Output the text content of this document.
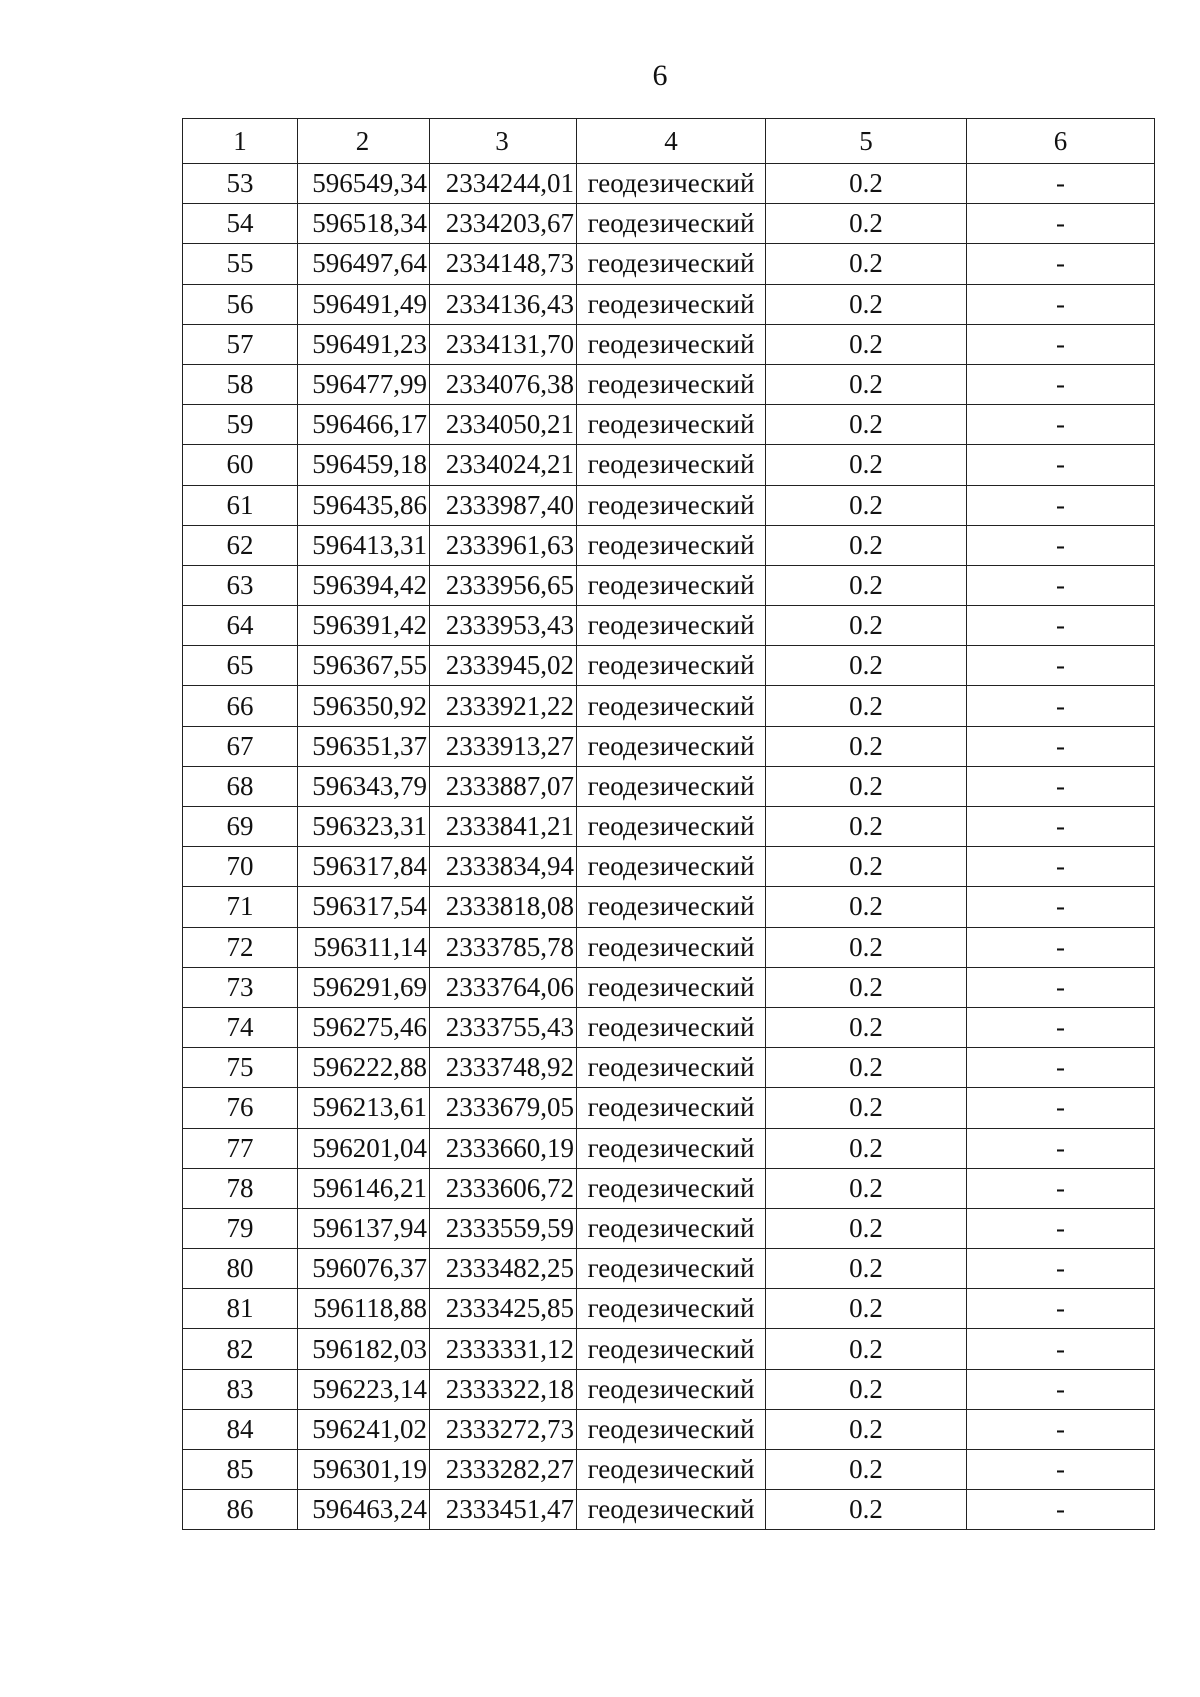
6
1	2	3	4	5	6
53	596549,34	2334244,01	геодезический	0.2	-
54	596518,34	2334203,67	геодезический	0.2	-
55	596497,64	2334148,73	геодезический	0.2	-
56	596491,49	2334136,43	геодезический	0.2	-
57	596491,23	2334131,70	геодезический	0.2	-
58	596477,99	2334076,38	геодезический	0.2	-
59	596466,17	2334050,21	геодезический	0.2	-
60	596459,18	2334024,21	геодезический	0.2	-
61	596435,86	2333987,40	геодезический	0.2	-
62	596413,31	2333961,63	геодезический	0.2	-
63	596394,42	2333956,65	геодезический	0.2	-
64	596391,42	2333953,43	геодезический	0.2	-
65	596367,55	2333945,02	геодезический	0.2	-
66	596350,92	2333921,22	геодезический	0.2	-
67	596351,37	2333913,27	геодезический	0.2	-
68	596343,79	2333887,07	геодезический	0.2	-
69	596323,31	2333841,21	геодезический	0.2	-
70	596317,84	2333834,94	геодезический	0.2	-
71	596317,54	2333818,08	геодезический	0.2	-
72	596311,14	2333785,78	геодезический	0.2	-
73	596291,69	2333764,06	геодезический	0.2	-
74	596275,46	2333755,43	геодезический	0.2	-
75	596222,88	2333748,92	геодезический	0.2	-
76	596213,61	2333679,05	геодезический	0.2	-
77	596201,04	2333660,19	геодезический	0.2	-
78	596146,21	2333606,72	геодезический	0.2	-
79	596137,94	2333559,59	геодезический	0.2	-
80	596076,37	2333482,25	геодезический	0.2	-
81	596118,88	2333425,85	геодезический	0.2	-
82	596182,03	2333331,12	геодезический	0.2	-
83	596223,14	2333322,18	геодезический	0.2	-
84	596241,02	2333272,73	геодезический	0.2	-
85	596301,19	2333282,27	геодезический	0.2	-
86	596463,24	2333451,47	геодезический	0.2	-
